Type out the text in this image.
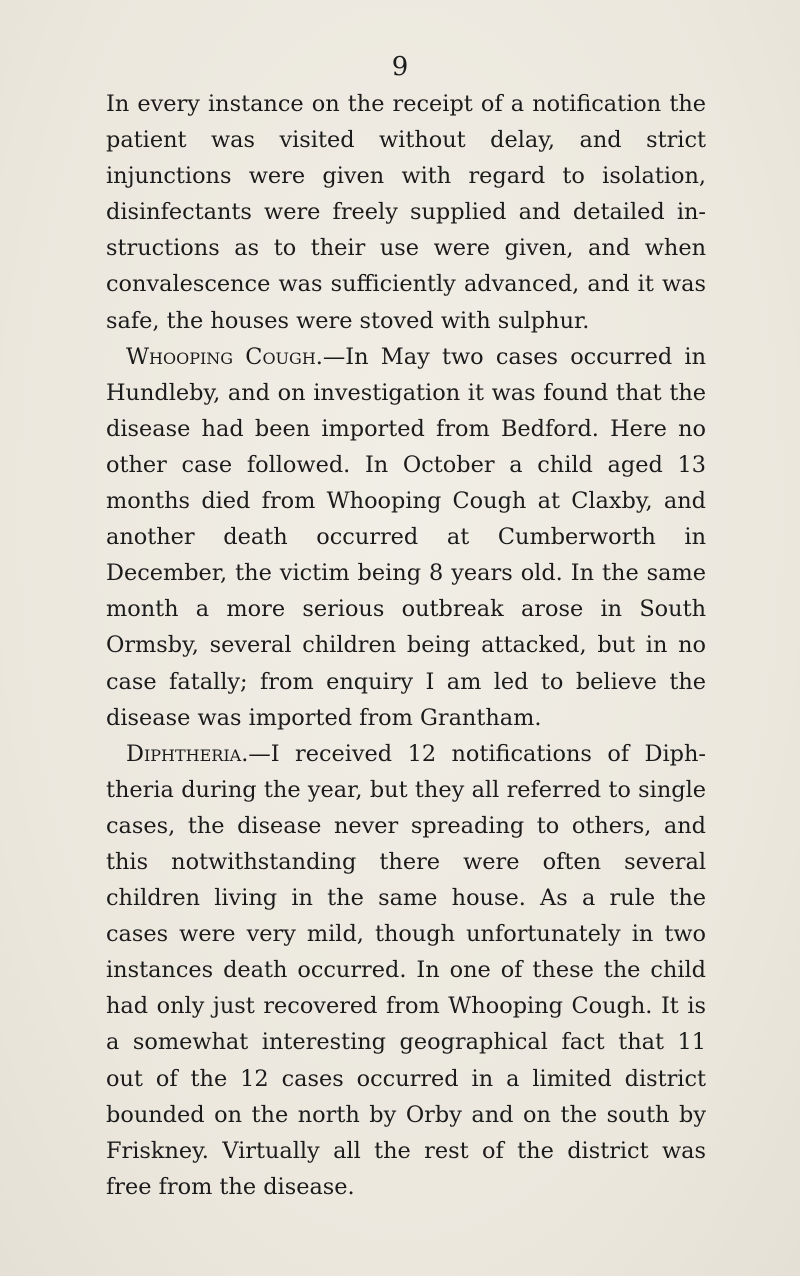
9

In every instance on the receipt of a notification the patient was visited without delay, and strict injunctions were given with regard to isolation, disinfectants were freely supplied and detailed instructions as to their use were given, and when convalescence was sufficiently advanced, and it was safe, the houses were stoved with sulphur.

Whooping Cough.—In May two cases occurred in Hundleby, and on investigation it was found that the disease had been imported from Bedford. Here no other case followed. In October a child aged 13 months died from Whooping Cough at Claxby, and another death occurred at Cumberworth in December, the victim being 8 years old. In the same month a more serious outbreak arose in South Ormsby, several children being attacked, but in no case fatally; from enquiry I am led to believe the disease was imported from Grantham.

Diphtheria.—I received 12 notifications of Diphtheria during the year, but they all referred to single cases, the disease never spreading to others, and this notwithstanding there were often several children living in the same house. As a rule the cases were very mild, though unfortunately in two instances death occurred. In one of these the child had only just recovered from Whooping Cough. It is a somewhat interesting geographical fact that 11 out of the 12 cases occurred in a limited district bounded on the north by Orby and on the south by Friskney. Virtually all the rest of the district was free from the disease.
